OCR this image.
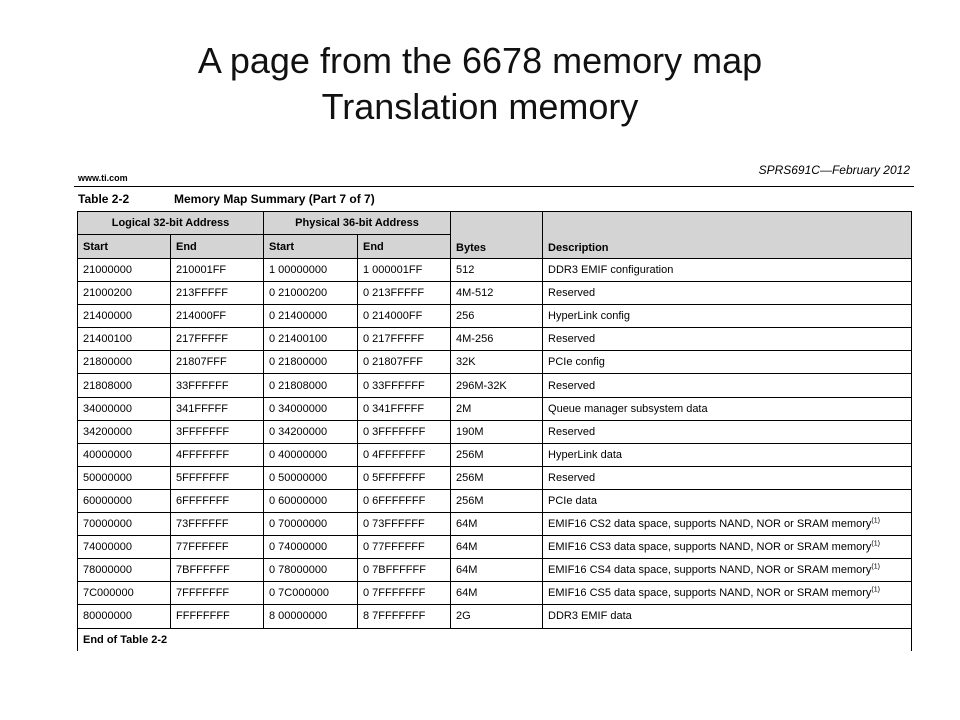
A page from the 6678 memory map
Translation memory
www.ti.com
SPRS691C—February 2012
Table 2-2	Memory Map Summary (Part 7 of 7)
Logical 32-bit Address		Physical 36-bit Address		Bytes	Description
Start	End	Start	End		
21000000	210001FF	1 00000000	1 000001FF	512	DDR3 EMIF configuration
21000200	213FFFFF	0 21000200	0 213FFFFF	4M-512	Reserved
21400000	214000FF	0 21400000	0 214000FF	256	HyperLink config
21400100	217FFFFF	0 21400100	0 217FFFFF	4M-256	Reserved
21800000	21807FFF	0 21800000	0 21807FFF	32K	PCIe config
21808000	33FFFFFF	0 21808000	0 33FFFFFF	296M-32K	Reserved
34000000	341FFFFF	0 34000000	0 341FFFFF	2M	Queue manager subsystem data
34200000	3FFFFFFF	0 34200000	0 3FFFFFFF	190M	Reserved
40000000	4FFFFFFF	0 40000000	0 4FFFFFFF	256M	HyperLink data
50000000	5FFFFFFF	0 50000000	0 5FFFFFFF	256M	Reserved
60000000	6FFFFFFF	0 60000000	0 6FFFFFFF	256M	PCIe data
70000000	73FFFFFF	0 70000000	0 73FFFFFF	64M	EMIF16 CS2 data space, supports NAND, NOR or SRAM memory$^{(1)}$
74000000	77FFFFFF	0 74000000	0 77FFFFFF	64M	EMIF16 CS3 data space, supports NAND, NOR or SRAM memory$^{(1)}$
78000000	7BFFFFFF	0 78000000	0 7BFFFFFF	64M	EMIF16 CS4 data space, supports NAND, NOR or SRAM memory$^{(1)}$
7C000000	7FFFFFFF	0 7C000000	0 7FFFFFFF	64M	EMIF16 CS5 data space, supports NAND, NOR or SRAM memory$^{(1)}$
80000000	FFFFFFFF	8 00000000	8 7FFFFFFF	2G	DDR3 EMIF data
End of Table 2-2					
